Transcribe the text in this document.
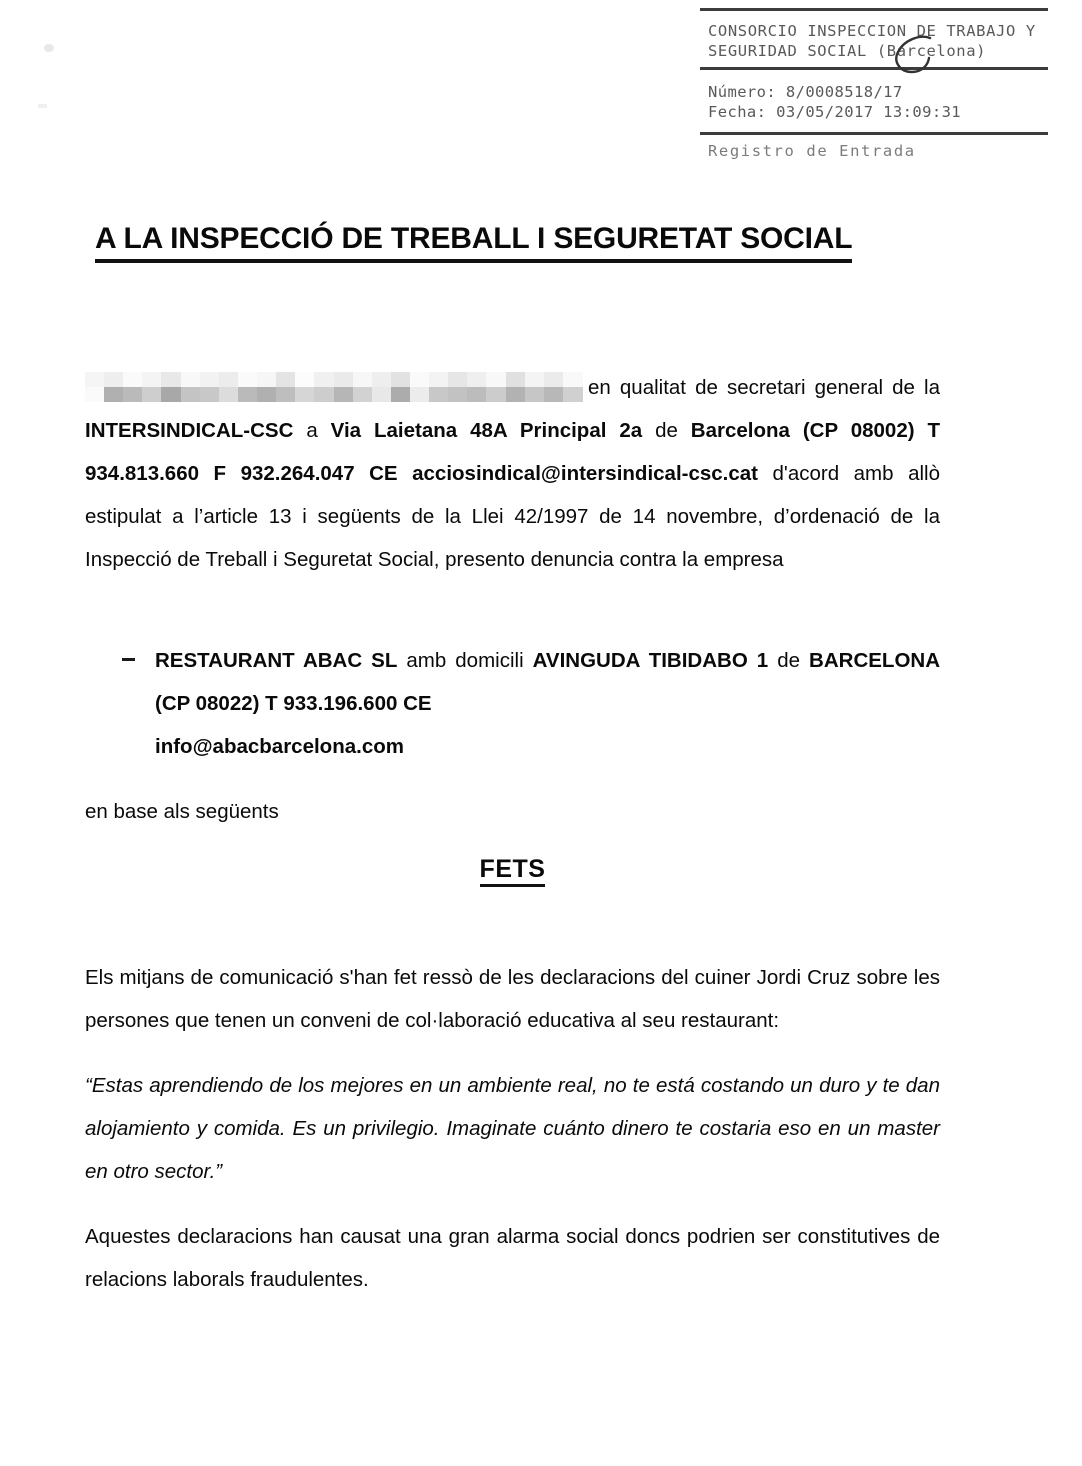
CONSORCIO INSPECCION DE TRABAJO Y
SEGURIDAD SOCIAL (Barcelona)
Número: 8/0008518/17
Fecha: 03/05/2017 13:09:31
Registro de Entrada
A LA INSPECCIÓ DE TREBALL I SEGURETAT SOCIAL

en qualitat de secretari general de la INTERSINDICAL-CSC a Via Laietana 48A Principal 2a de Barcelona (CP 08002) T 934.813.660 F 932.264.047 CE acciosindical@intersindical-csc.cat d'acord amb allò estipulat a l’article 13 i següents de la Llei 42/1997 de 14 novembre, d’ordenació de la Inspecció de Treball i Seguretat Social, presento denuncia contra la empresa

RESTAURANT ABAC SL amb domicili AVINGUDA TIBIDABO 1 de BARCELONA (CP 08022) T 933.196.600 CE

info@abacbarcelona.com

en base als següents

FETS

Els mitjans de comunicació s'han fet ressò de les declaracions del cuiner Jordi Cruz sobre les persones que tenen un conveni de col·laboració educativa al seu restaurant:

“Estas aprendiendo de los mejores en un ambiente real, no te está costando un duro y te dan alojamiento y comida. Es un privilegio. Imaginate cuánto dinero te costaria eso en un master en otro sector.”

Aquestes declaracions han causat una gran alarma social doncs podrien ser constitutives de relacions laborals fraudulentes.
